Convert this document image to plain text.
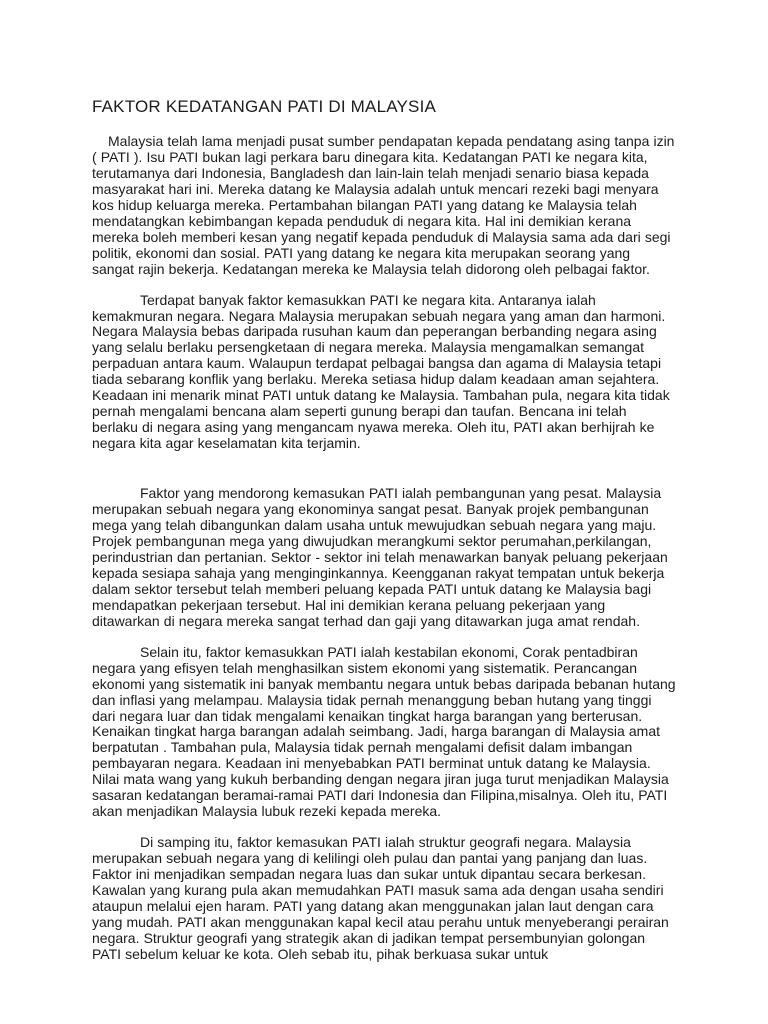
FAKTOR KEDATANGAN PATI DI MALAYSIA

Malaysia telah lama menjadi pusat sumber pendapatan kepada pendatang asing tanpa izin ( PATI ). Isu PATI bukan lagi perkara baru dinegara kita. Kedatangan PATI ke negara kita, terutamanya dari Indonesia, Bangladesh dan lain-lain telah menjadi senario biasa kepada masyarakat hari ini. Mereka datang ke Malaysia adalah untuk mencari rezeki bagi menyara kos hidup keluarga mereka. Pertambahan bilangan PATI yang datang ke Malaysia telah mendatangkan kebimbangan kepada penduduk di negara kita. Hal ini demikian kerana mereka boleh memberi kesan yang negatif kepada penduduk di Malaysia sama ada dari segi politik, ekonomi dan sosial. PATI yang datang ke negara kita merupakan seorang yang sangat rajin bekerja. Kedatangan mereka ke Malaysia telah didorong oleh pelbagai faktor.

Terdapat banyak faktor kemasukkan PATI ke negara kita. Antaranya ialah kemakmuran negara. Negara Malaysia merupakan sebuah negara yang aman dan harmoni. Negara Malaysia bebas daripada rusuhan kaum dan peperangan berbanding negara asing yang selalu berlaku persengketaan di negara mereka. Malaysia mengamalkan semangat perpaduan antara kaum. Walaupun terdapat pelbagai bangsa dan agama di Malaysia tetapi tiada sebarang konflik yang berlaku. Mereka setiasa hidup dalam keadaan aman sejahtera. Keadaan ini menarik minat PATI untuk datang ke Malaysia. Tambahan pula, negara kita tidak pernah mengalami bencana alam seperti gunung berapi dan taufan. Bencana ini telah berlaku di negara asing yang mengancam nyawa mereka. Oleh itu, PATI akan berhijrah ke negara kita agar keselamatan kita terjamin.

Faktor yang mendorong kemasukan PATI ialah pembangunan yang pesat. Malaysia merupakan sebuah negara yang ekonominya sangat pesat. Banyak projek pembangunan mega yang telah dibangunkan dalam usaha untuk mewujudkan sebuah negara yang maju. Projek pembangunan mega yang diwujudkan merangkumi sektor perumahan,perkilangan, perindustrian dan pertanian. Sektor - sektor ini telah menawarkan banyak peluang pekerjaan kepada sesiapa sahaja yang menginginkannya. Keengganan rakyat tempatan untuk bekerja dalam sektor tersebut telah memberi peluang kepada PATI untuk datang ke Malaysia bagi mendapatkan pekerjaan tersebut. Hal ini demikian kerana peluang pekerjaan yang ditawarkan di negara mereka sangat terhad dan gaji yang ditawarkan juga amat rendah.

Selain itu, faktor kemasukkan PATI ialah kestabilan ekonomi, Corak pentadbiran negara yang efisyen telah menghasilkan sistem ekonomi yang sistematik. Perancangan ekonomi yang sistematik ini banyak membantu negara untuk bebas daripada bebanan hutang dan inflasi yang melampau. Malaysia tidak pernah menanggung beban hutang yang tinggi dari negara luar dan tidak mengalami kenaikan tingkat harga barangan yang berterusan. Kenaikan tingkat harga barangan adalah seimbang. Jadi, harga barangan di Malaysia amat berpatutan . Tambahan pula, Malaysia tidak pernah mengalami defisit dalam imbangan pembayaran negara. Keadaan ini menyebabkan PATI berminat untuk datang ke Malaysia. Nilai mata wang yang kukuh berbanding dengan negara jiran juga turut menjadikan Malaysia sasaran kedatangan beramai-ramai PATI dari Indonesia dan Filipina,misalnya. Oleh itu, PATI akan menjadikan Malaysia lubuk rezeki kepada mereka.

Di samping itu, faktor kemasukan PATI ialah struktur geografi negara. Malaysia merupakan sebuah negara yang di kelilingi oleh pulau dan pantai yang panjang dan luas. Faktor ini menjadikan sempadan negara luas dan sukar untuk dipantau secara berkesan. Kawalan yang kurang pula akan memudahkan PATI masuk sama ada dengan usaha sendiri ataupun melalui ejen haram. PATI yang datang akan menggunakan jalan laut dengan cara yang mudah. PATI akan menggunakan kapal kecil atau perahu untuk menyeberangi perairan negara. Struktur geografi yang strategik akan di jadikan tempat persembunyian golongan PATI sebelum keluar ke kota. Oleh sebab itu, pihak berkuasa sukar untuk
